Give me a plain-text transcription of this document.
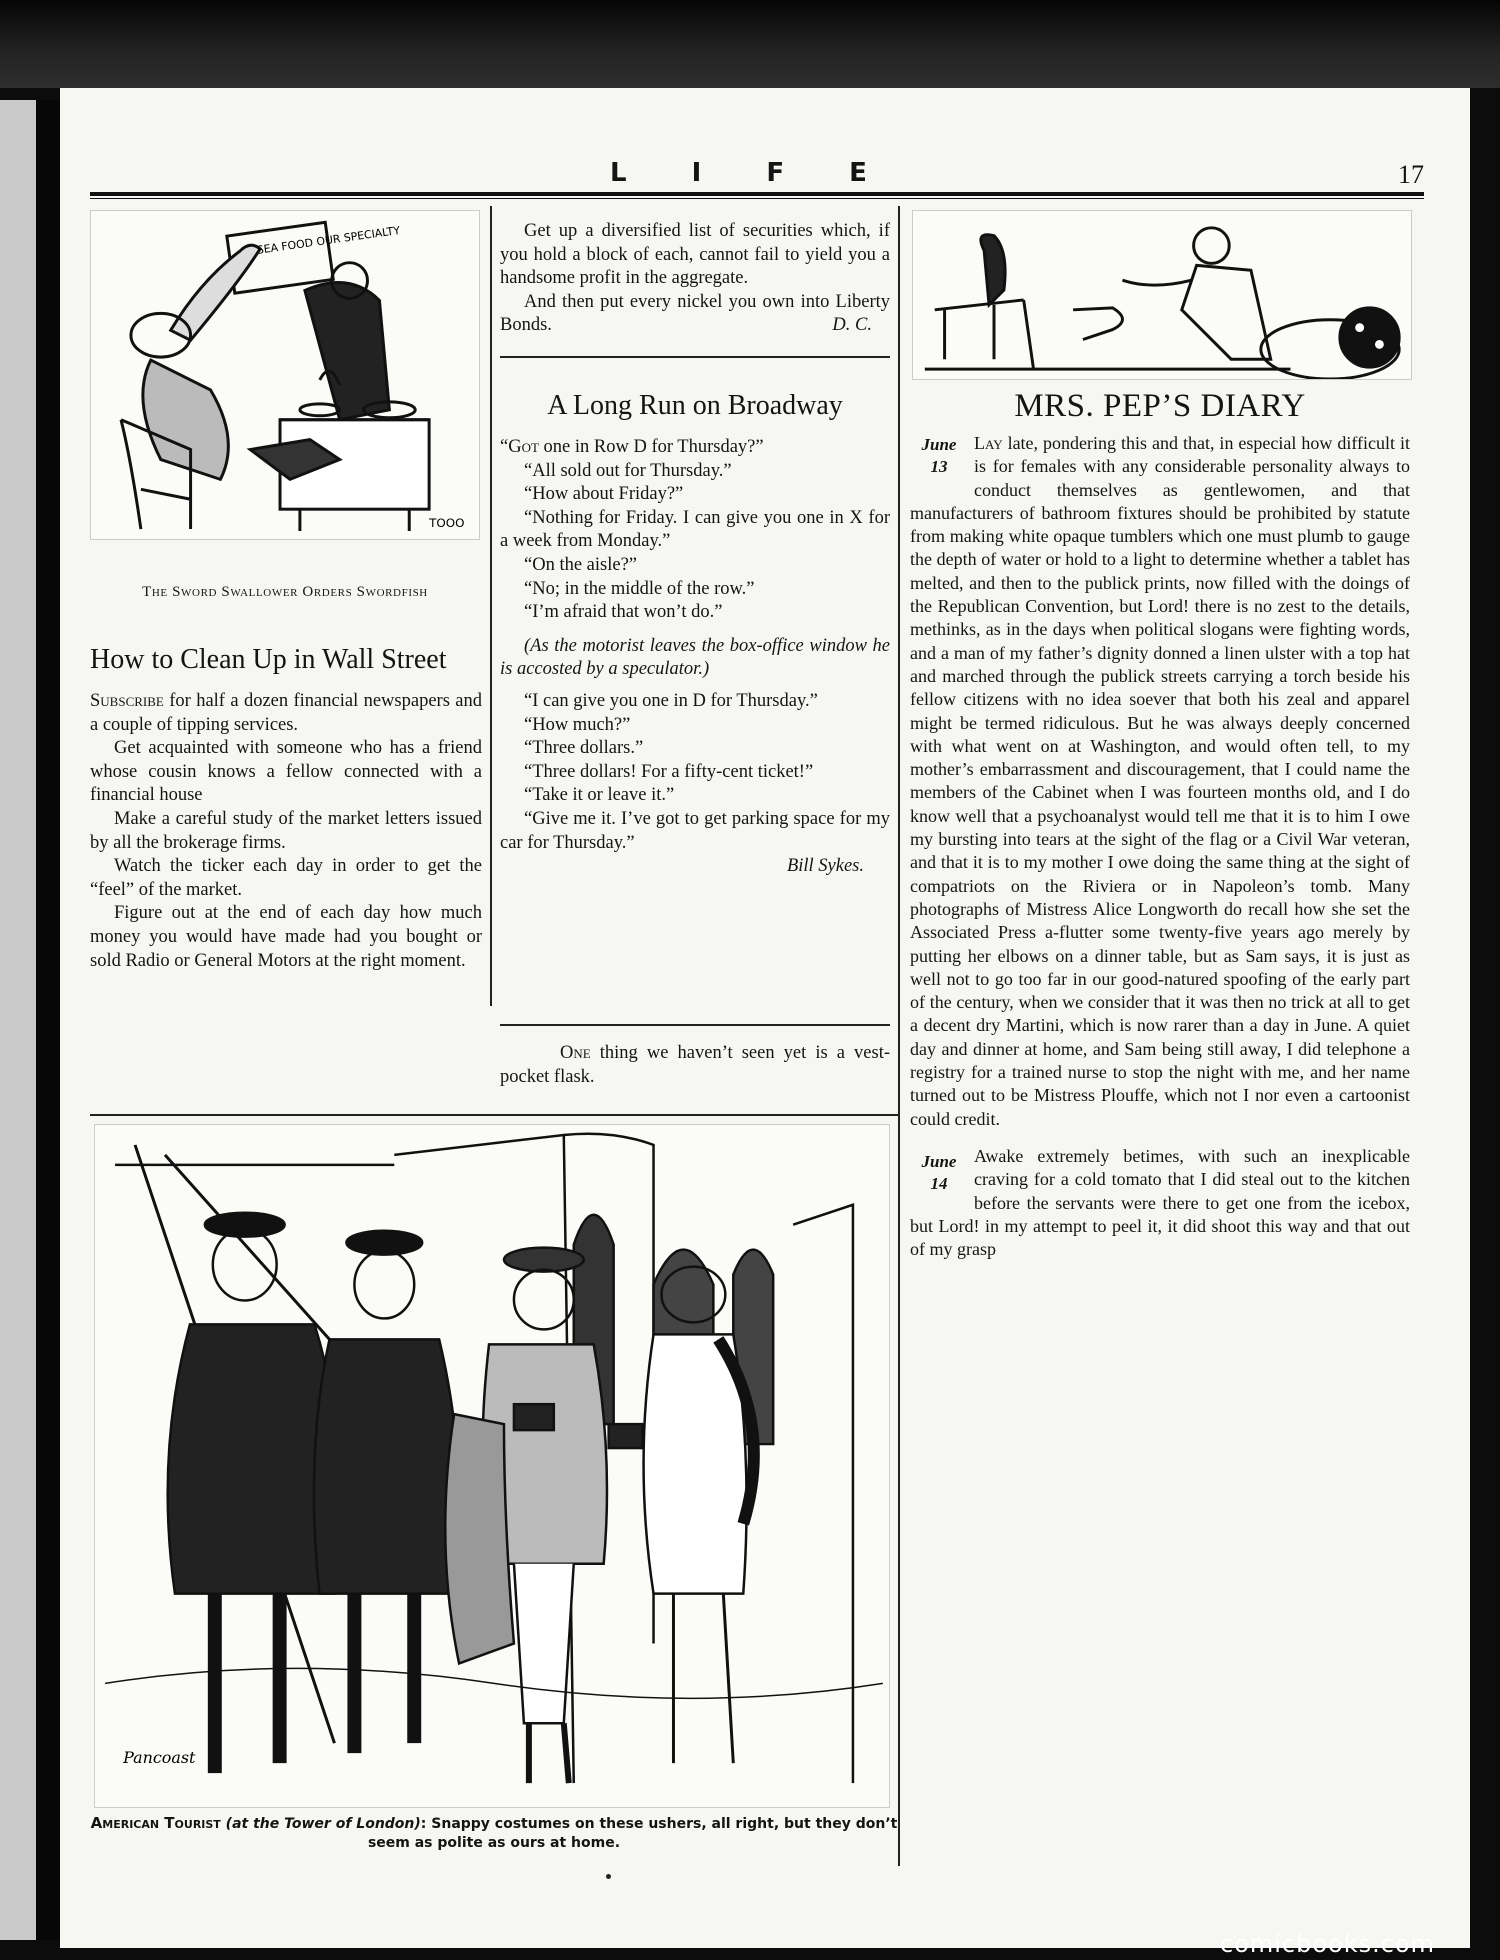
L I F E	17
SEA FOOD OUR SPECIALTY
TOOO
The Sword Swallower Orders Swordfish
How to Clean Up in Wall Street

Subscribe for half a dozen financial newspapers and a couple of tipping services.

Get acquainted with someone who has a friend whose cousin knows a fellow connected with a financial house

Make a careful study of the market letters issued by all the brokerage firms.

Watch the ticker each day in order to get the “feel” of the market.

Figure out at the end of each day how much money you would have made had you bought or sold Radio or General Motors at the right moment.

Get up a diversified list of securities which, if you hold a block of each, cannot fail to yield you a handsome profit in the aggregate.

And then put every nickel you own into Liberty Bonds.	D. C.

A Long Run on Broadway

“Got one in Row D for Thursday?”

“All sold out for Thursday.”

“How about Friday?”

“Nothing for Friday. I can give you one in X for a week from Monday.”

“On the aisle?”

“No; in the middle of the row.”

“I’m afraid that won’t do.”

(As the motorist leaves the box-office window he is accosted by a speculator.)

“I can give you one in D for Thursday.”

“How much?”

“Three dollars.”

“Three dollars! For a fifty-cent ticket!”

“Take it or leave it.”

“Give me it. I’ve got to get parking space for my car for Thursday.”

Bill Sykes.

One thing we haven’t seen yet is a vest-pocket flask.

Pancoast
American Tourist (at the Tower of London): Snappy costumes on these ushers, all right, but they don’t seem as polite as ours at home.
MRS. PEP’S DIARY
June
13

Lay late, pondering this and that, in especial how difficult it is for females with any considerable personality always to conduct themselves as gentlewomen, and that manufacturers of bathroom fixtures should be prohibited by statute from making white opaque tumblers which one must plumb to gauge the depth of water or hold to a light to determine whether a tablet has melted, and then to the publick prints, now filled with the doings of the Republican Convention, but Lord! there is no zest to the details, methinks, as in the days when political slogans were fighting words, and a man of my father’s dignity donned a linen ulster with a top hat and marched through the publick streets carrying a torch beside his fellow citizens with no idea soever that both his zeal and apparel might be termed ridiculous. But he was always deeply concerned with what went on at Washington, and would often tell, to my mother’s embarrassment and discouragement, that I could name the members of the Cabinet when I was fourteen months old, and I do know well that a psychoanalyst would tell me that it is to him I owe my bursting into tears at the sight of the flag or a Civil War veteran, and that it is to my mother I owe doing the same thing at the sight of compatriots on the Riviera or in Napoleon’s tomb. Many photographs of Mistress Alice Longworth do recall how she set the Associated Press a-flutter some twenty-five years ago merely by putting her elbows on a dinner table, but as Sam says, it is just as well not to go too far in our good-natured spoofing of the early part of the century, when we consider that it was then no trick at all to get a decent dry Martini, which is now rarer than a day in June. A quiet day and dinner at home, and Sam being still away, I did telephone a registry for a trained nurse to stop the night with me, and her name turned out to be Mistress Plouffe, which not I nor even a cartoonist could credit.

June
14

Awake extremely betimes, with such an inexplicable craving for a cold tomato that I did steal out to the kitchen before the servants were there to get one from the icebox, but Lord! in my attempt to peel it, it did shoot this way and that out of my grasp

comicbooks.com
